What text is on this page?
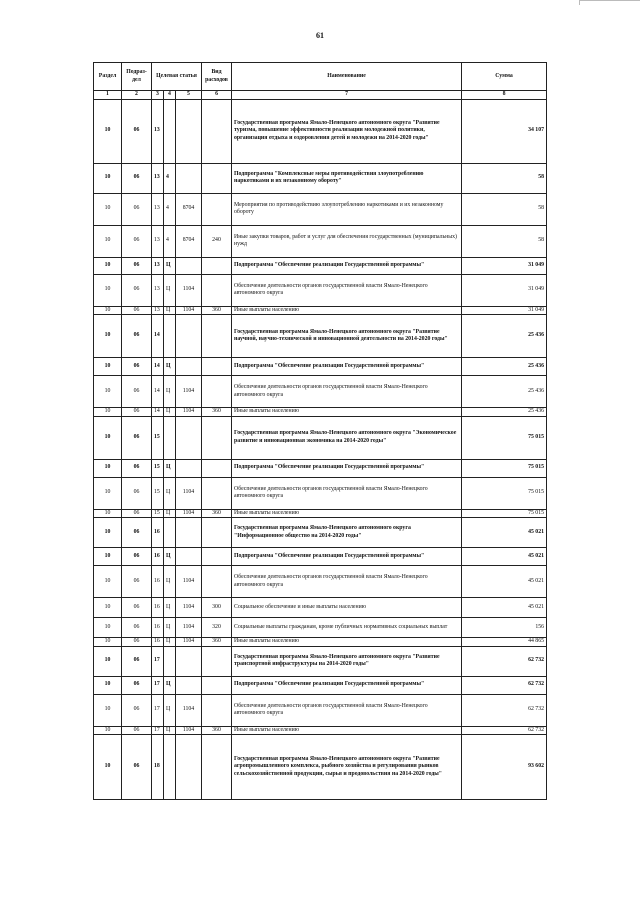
61
Раздел	Подраз-дел	Целевая статья			Вид расходов	Наименование	Сумма
1	2	3	4	5	6	7	8
10	06	13				Государственная программа Ямало-Ненецкого автономного округа "Развитие туризма, повышение эффективности реализации молодежной политики, организация отдыха и оздоровления детей и молодежи на 2014-2020 годы"	34 107
10	06	13	4			Подпрограмма "Комплексные меры противодействия злоупотреблению наркотиками и их незаконному обороту"	58
10	06	13	4	8704		Мероприятия по противодействию злоупотреблению наркотиками и их незаконному обороту	58
10	06	13	4	8704	240	Иные закупки товаров, работ и услуг для обеспечения государственных (муниципальных) нужд	58
10	06	13	Ц			Подпрограмма "Обеспечение реализации Государственной программы"	31 049
10	06	13	Ц	1104		Обеспечение деятельности органов государственной власти Ямало-Ненецкого автономного округа	31 049
10	06	13	Ц	1104	360	Иные выплаты населению	31 049
10	06	14				Государственная программа Ямало-Ненецкого автономного округа "Развитие научной, научно-технической и инновационной деятельности на 2014-2020 годы"	25 436
10	06	14	Ц			Подпрограмма "Обеспечение реализации Государственной программы"	25 436
10	06	14	Ц	1104		Обеспечение деятельности органов государственной власти Ямало-Ненецкого автономного округа	25 436
10	06	14	Ц	1104	360	Иные выплаты населению	25 436
10	06	15				Государственная программа Ямало-Ненецкого автономного округа "Экономическое развитие и инновационная экономика на 2014-2020 годы"	75 015
10	06	15	Ц			Подпрограмма "Обеспечение реализации Государственной программы"	75 015
10	06	15	Ц	1104		Обеспечение деятельности органов государственной власти Ямало-Ненецкого автономного округа	75 015
10	06	15	Ц	1104	360	Иные выплаты населению	75 015
10	06	16				Государственная программа Ямало-Ненецкого автономного округа "Информационное общество на 2014-2020 годы"	45 021
10	06	16	Ц			Подпрограмма "Обеспечение реализации Государственной программы"	45 021
10	06	16	Ц	1104		Обеспечение деятельности органов государственной власти Ямало-Ненецкого автономного округа	45 021
10	06	16	Ц	1104	300	Социальное обеспечение и иные выплаты населению	45 021
10	06	16	Ц	1104	320	Социальные выплаты гражданам, кроме публичных нормативных социальных выплат	156
10	06	16	Ц	1104	360	Иные выплаты населению	44 865
10	06	17				Государственная программа Ямало-Ненецкого автономного округа "Развитие транспортной инфраструктуры на 2014-2020 годы"	62 732
10	06	17	Ц			Подпрограмма "Обеспечение реализации Государственной программы"	62 732
10	06	17	Ц	1104		Обеспечение деятельности органов государственной власти Ямало-Ненецкого автономного округа	62 732
10	06	17	Ц	1104	360	Иные выплаты населению	62 732
10	06	18				Государственная программа Ямало-Ненецкого автономного округа "Развитие агропромышленного комплекса, рыбного хозяйства и регулирования рынков сельскохозяйственной продукции, сырья и продовольствия на 2014-2020 годы"	93 602
